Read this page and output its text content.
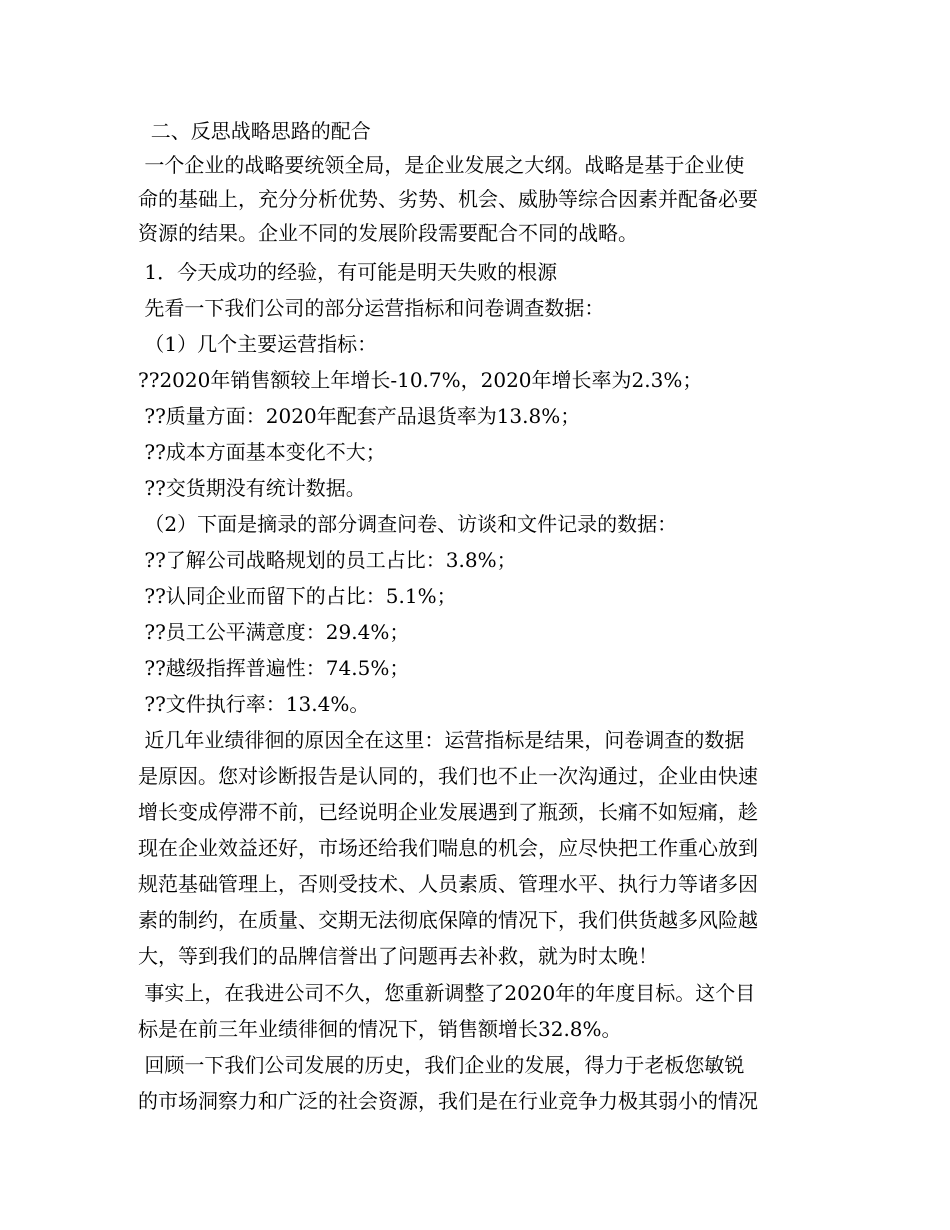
二、反思战略思路的配合
一个企业的战略要统领全局，是企业发展之大纲。战略是基于企业使
命的基础上，充分分析优势、劣势、机会、威胁等综合因素并配备必要
资源的结果。企业不同的发展阶段需要配合不同的战略。
1．今天成功的经验，有可能是明天失败的根源
先看一下我们公司的部分运营指标和问卷调查数据：
（1）几个主要运营指标：
??2020年销售额较上年增长-10.7%，2020年增长率为2.3%；
??质量方面：2020年配套产品退货率为13.8%；
??成本方面基本变化不大；
??交货期没有统计数据。
（2）下面是摘录的部分调查问卷、访谈和文件记录的数据：
??了解公司战略规划的员工占比：3.8%；
??认同企业而留下的占比：5.1%；
??员工公平满意度：29.4%；
??越级指挥普遍性：74.5%；
??文件执行率：13.4%。
近几年业绩徘徊的原因全在这里：运营指标是结果，问卷调查的数据
是原因。您对诊断报告是认同的，我们也不止一次沟通过，企业由快速
增长变成停滞不前，已经说明企业发展遇到了瓶颈，长痛不如短痛，趁
现在企业效益还好，市场还给我们喘息的机会，应尽快把工作重心放到
规范基础管理上，否则受技术、人员素质、管理水平、执行力等诸多因
素的制约，在质量、交期无法彻底保障的情况下，我们供货越多风险越
大，等到我们的品牌信誉出了问题再去补救，就为时太晚！
事实上，在我进公司不久，您重新调整了2020年的年度目标。这个目
标是在前三年业绩徘徊的情况下，销售额增长32.8%。
回顾一下我们公司发展的历史，我们企业的发展，得力于老板您敏锐
的市场洞察力和广泛的社会资源，我们是在行业竞争力极其弱小的情况
